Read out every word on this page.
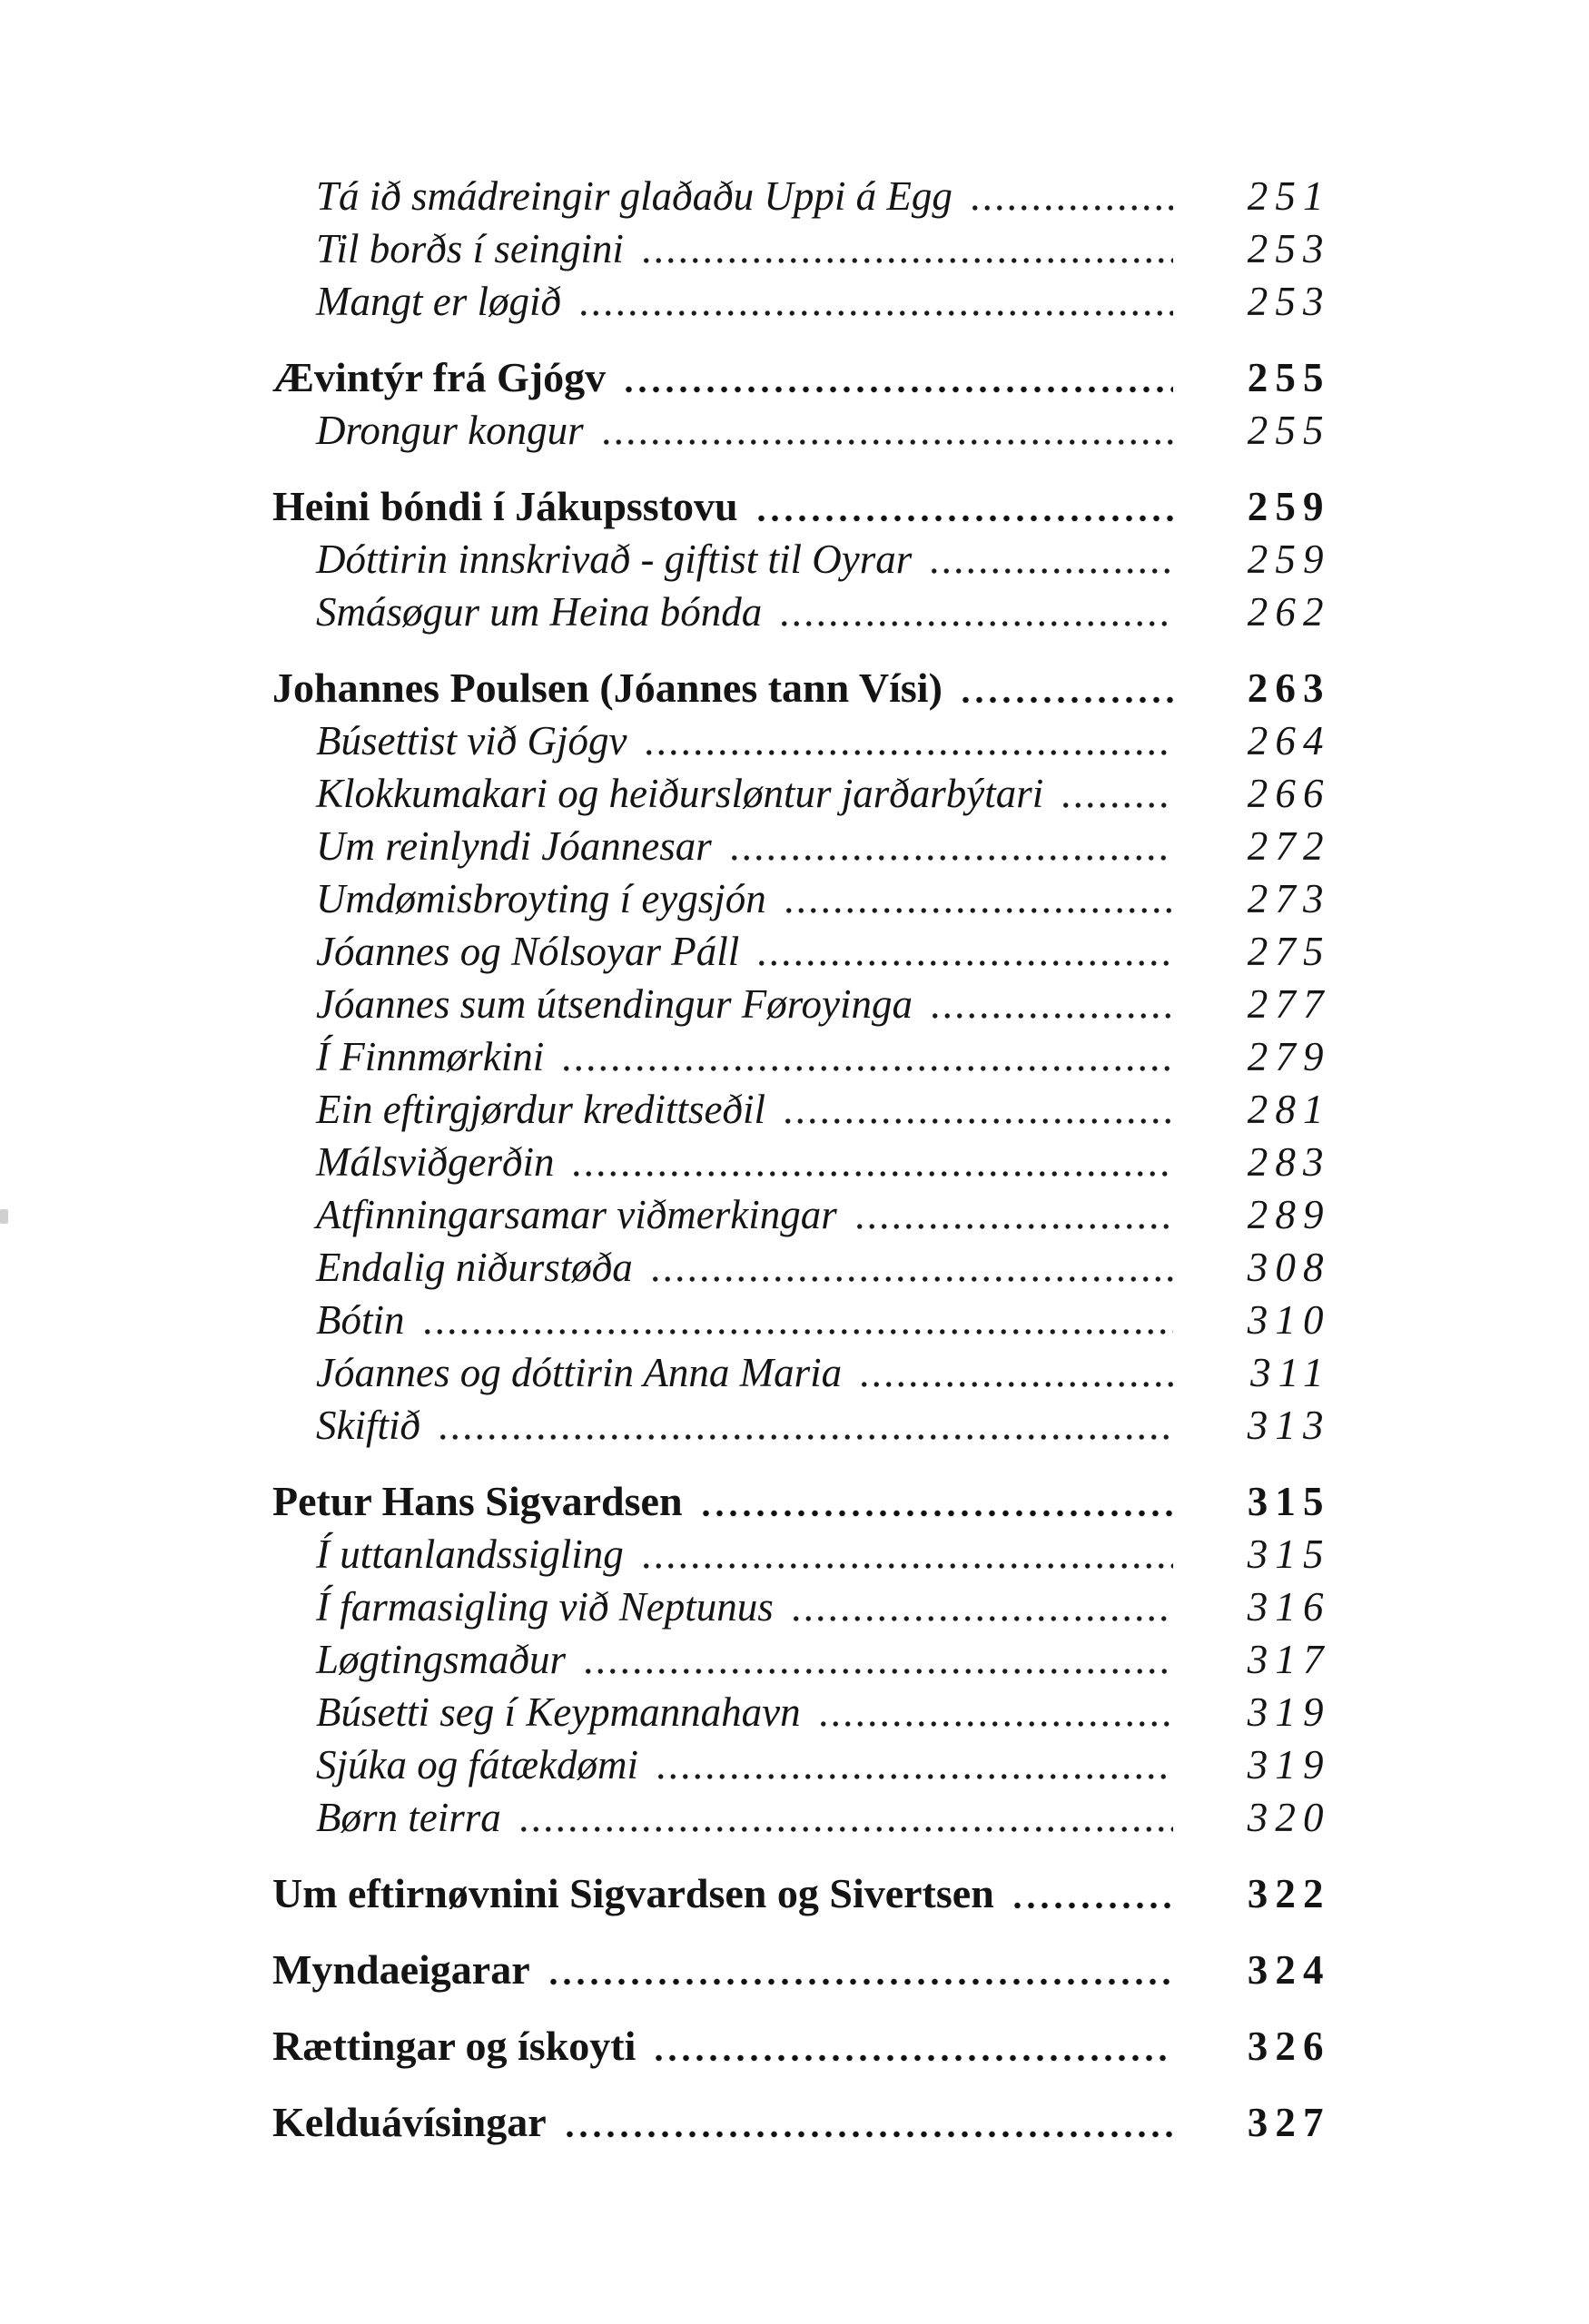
Tá ið smádreingir glaðaðu Uppi á Egg	251
Til borðs í seingini	253
Mangt er løgið	253
Ævintýr frá Gjógv	255
Drongur kongur	255
Heini bóndi í Jákupsstovu	259
Dóttirin innskrivað - giftist til Oyrar	259
Smásøgur um Heina bónda	262
Johannes Poulsen (Jóannes tann Vísi)	263
Búsettist við Gjógv	264
Klokkumakari og heiðursløntur jarðarbýtari	266
Um reinlyndi Jóannesar	272
Umdømisbroyting í eygsjón	273
Jóannes og Nólsoyar Páll	275
Jóannes sum útsendingur Føroyinga	277
Í Finnmørkini	279
Ein eftirgjørdur kredittseðil	281
Málsviðgerðin	283
Atfinningarsamar viðmerkingar	289
Endalig niðurstøða	308
Bótin	310
Jóannes og dóttirin Anna Maria	311
Skiftið	313
Petur Hans Sigvardsen	315
Í uttanlandssigling	315
Í farmasigling við Neptunus	316
Løgtingsmaður	317
Búsetti seg í Keypmannahavn	319
Sjúka og fátækdømi	319
Børn teirra	320
Um eftirnøvnini Sigvardsen og Sivertsen	322
Myndaeigarar	324
Rættingar og ískoyti	326
Kelduávísingar	327
